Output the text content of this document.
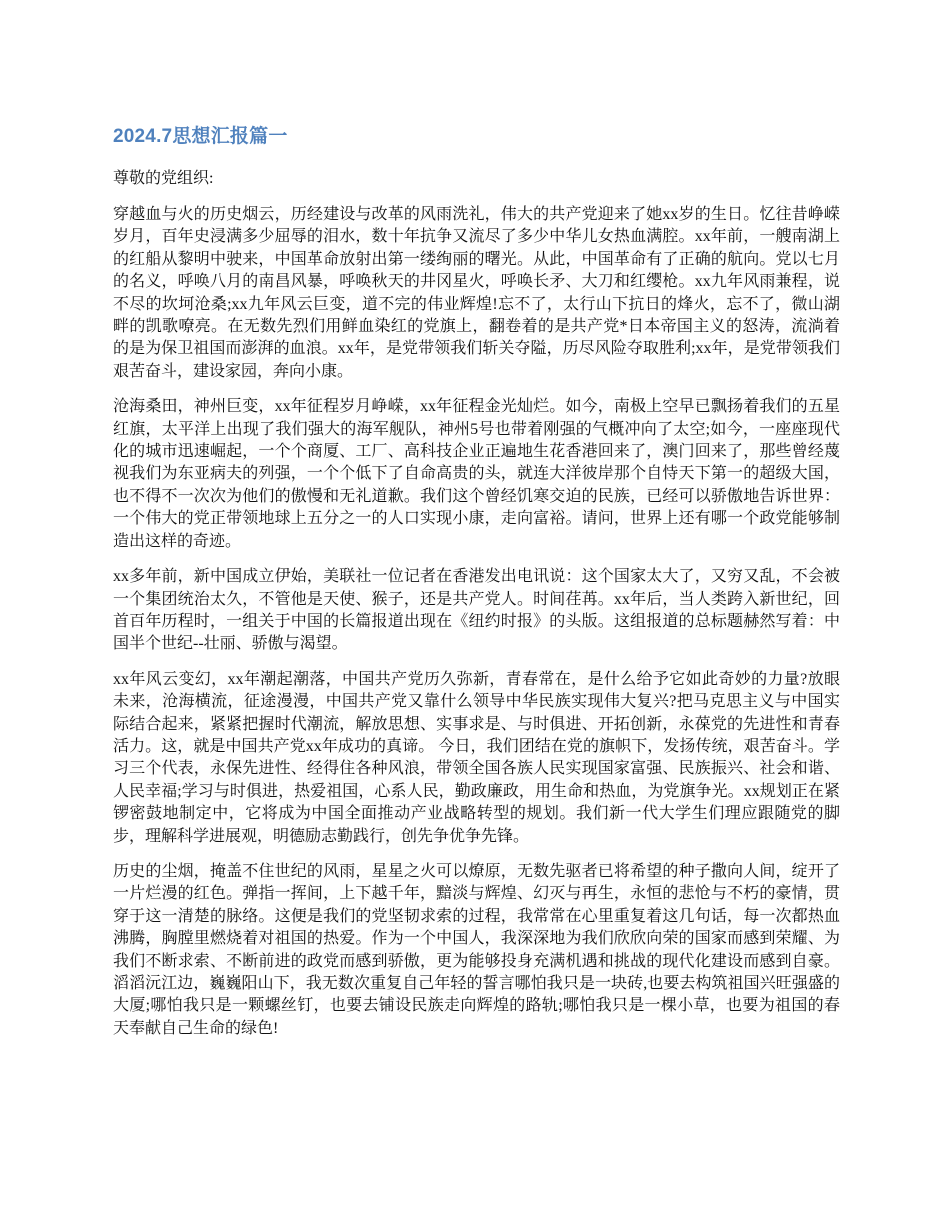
2024.7思想汇报篇一

尊敬的党组织:

穿越血与火的历史烟云，历经建设与改革的风雨洗礼，伟大的共产党迎来了她xx岁的生日。忆往昔峥嵘岁月，百年史浸满多少屈辱的泪水，数十年抗争又流尽了多少中华儿女热血满腔。xx年前，一艘南湖上的红船从黎明中驶来，中国革命放射出第一缕绚丽的曙光。从此，中国革命有了正确的航向。党以七月的名义，呼唤八月的南昌风暴，呼唤秋天的井冈星火，呼唤长矛、大刀和红缨枪。xx九年风雨兼程，说不尽的坎坷沧桑;xx九年风云巨变，道不完的伟业辉煌!忘不了，太行山下抗日的烽火，忘不了，微山湖畔的凯歌嘹亮。在无数先烈们用鲜血染红的党旗上，翻卷着的是共产党*日本帝国主义的怒涛，流淌着的是为保卫祖国而澎湃的血浪。xx年，是党带领我们斩关夺隘，历尽风险夺取胜利;xx年，是党带领我们艰苦奋斗，建设家园，奔向小康。

沧海桑田，神州巨变，xx年征程岁月峥嵘，xx年征程金光灿烂。如今，南极上空早已飘扬着我们的五星红旗，太平洋上出现了我们强大的海军舰队，神州5号也带着刚强的气概冲向了太空;如今，一座座现代化的城市迅速崛起，一个个商厦、工厂、高科技企业正遍地生花香港回来了，澳门回来了，那些曾经蔑视我们为东亚病夫的列强，一个个低下了自命高贵的头，就连大洋彼岸那个自恃天下第一的超级大国，也不得不一次次为他们的傲慢和无礼道歉。我们这个曾经饥寒交迫的民族，已经可以骄傲地告诉世界：一个伟大的党正带领地球上五分之一的人口实现小康，走向富裕。请问，世界上还有哪一个政党能够制造出这样的奇迹。

xx多年前，新中国成立伊始，美联社一位记者在香港发出电讯说：这个国家太大了，又穷又乱，不会被一个集团统治太久，不管他是天使、猴子，还是共产党人。时间荏苒。xx年后，当人类跨入新世纪，回首百年历程时，一组关于中国的长篇报道出现在《纽约时报》的头版。这组报道的总标题赫然写着：中国半个世纪--壮丽、骄傲与渴望。

xx年风云变幻，xx年潮起潮落，中国共产党历久弥新，青春常在，是什么给予它如此奇妙的力量?放眼未来，沧海横流，征途漫漫，中国共产党又靠什么领导中华民族实现伟大复兴?把马克思主义与中国实际结合起来，紧紧把握时代潮流，解放思想、实事求是、与时俱进、开拓创新，永葆党的先进性和青春活力。这，就是中国共产党xx年成功的真谛。 今日，我们团结在党的旗帜下，发扬传统，艰苦奋斗。学习三个代表，永保先进性、经得住各种风浪，带领全国各族人民实现国家富强、民族振兴、社会和谐、人民幸福;学习与时俱进，热爱祖国，心系人民，勤政廉政，用生命和热血，为党旗争光。xx规划正在紧锣密鼓地制定中，它将成为中国全面推动产业战略转型的规划。我们新一代大学生们理应跟随党的脚步，理解科学进展观，明德励志勤践行，创先争优争先锋。

历史的尘烟，掩盖不住世纪的风雨，星星之火可以燎原，无数先驱者已将希望的种子撒向人间，绽开了一片烂漫的红色。弹指一挥间，上下越千年，黯淡与辉煌、幻灭与再生，永恒的悲怆与不朽的豪情，贯穿于这一清楚的脉络。这便是我们的党坚韧求索的过程，我常常在心里重复着这几句话，每一次都热血沸腾，胸膛里燃烧着对祖国的热爱。作为一个中国人，我深深地为我们欣欣向荣的国家而感到荣耀、为我们不断求索、不断前进的政党而感到骄傲，更为能够投身充满机遇和挑战的现代化建设而感到自豪。滔滔沅江边，巍巍阳山下，我无数次重复自己年轻的誓言哪怕我只是一块砖,也要去构筑祖国兴旺强盛的大厦;哪怕我只是一颗螺丝钉，也要去铺设民族走向辉煌的路轨;哪怕我只是一棵小草，也要为祖国的春天奉献自己生命的绿色!
